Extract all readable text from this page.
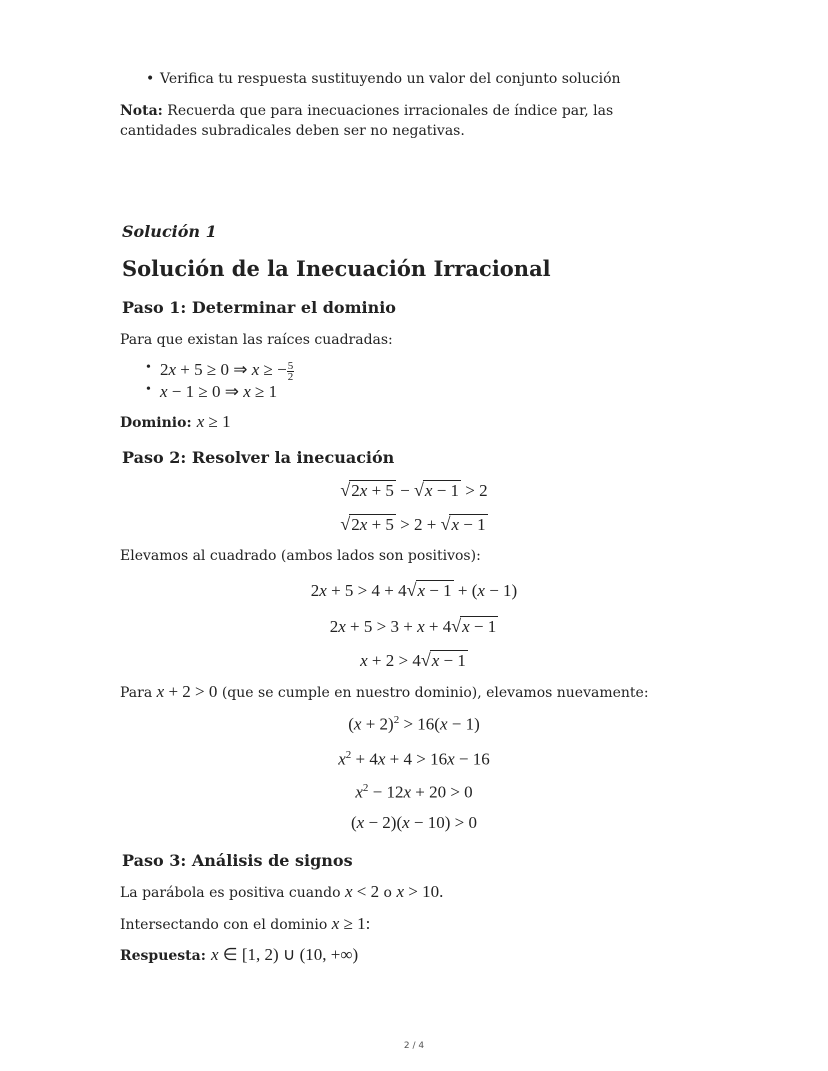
• Verifica tu respuesta sustituyendo un valor del conjunto solución
Nota: Recuerda que para inecuaciones irracionales de índice par, las cantidades subradicales deben ser no negativas.
Solución 1
Solución de la Inecuación Irracional
Paso 1: Determinar el dominio
Para que existan las raíces cuadradas:
• 2x + 5 ≥ 0 ⇒ x ≥ − $\frac{5}{2}$
• x − 1 ≥ 0 ⇒ x ≥ 1
Dominio: x ≥ 1
Paso 2: Resolver la inecuación
√2x + 5 − √x − 1 > 2
√2x + 5 > 2 + √x − 1
Elevamos al cuadrado (ambos lados son positivos):
2x + 5 > 4 + 4√x − 1 + (x − 1)
2x + 5 > 3 + x + 4√x − 1
x + 2 > 4√x − 1
Para x + 2 > 0 (que se cumple en nuestro dominio), elevamos nuevamente:
$(x + 2)^2 > 16(x - 1)$
$x^2 + 4x + 4 > 16x - 16$
$x^2 - 12x + 20 > 0$
(x − 2)(x − 10) > 0
Paso 3: Análisis de signos
La parábola es positiva cuando x < 2 o x > 10.
Intersectando con el dominio x ≥ 1:
Respuesta: x ∈ [1, 2) ∪ (10, +∞)
2 / 4
